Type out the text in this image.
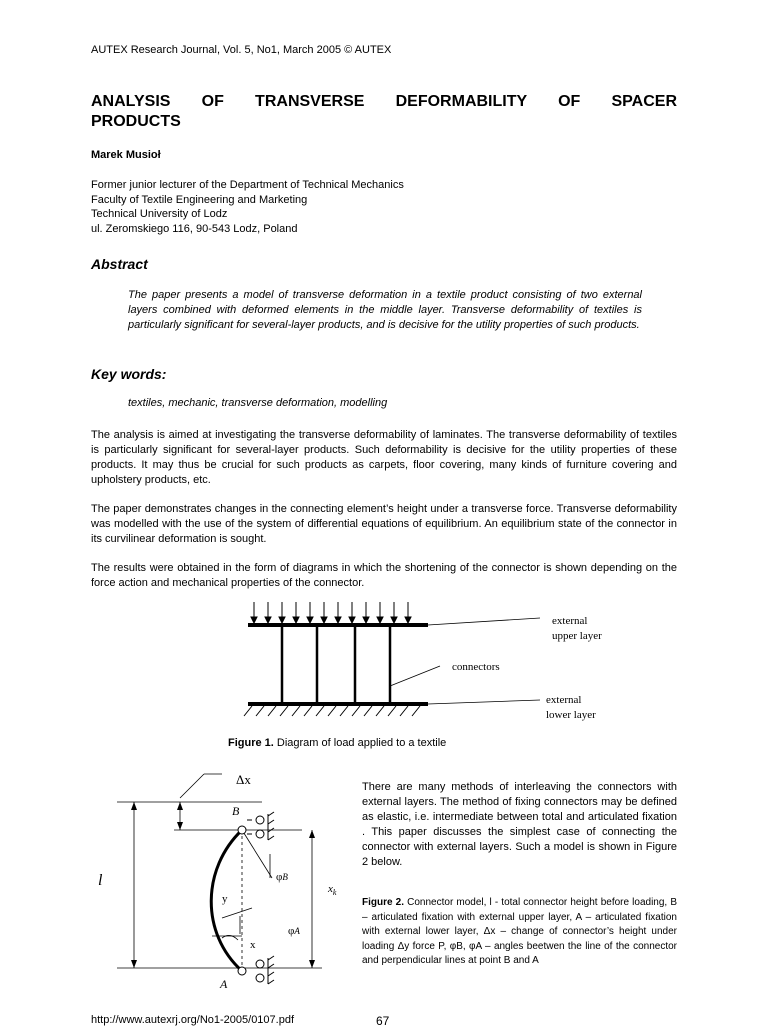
AUTEX Research Journal, Vol. 5, No1, March 2005 © AUTEX
ANALYSIS OF TRANSVERSE DEFORMABILITY OF SPACER
PRODUCTS
Marek Musioł
Former junior lecturer of the Department of Technical Mechanics
Faculty of Textile Engineering and Marketing
Technical University of Lodz
ul. Zeromskiego 116, 90-543 Lodz, Poland
Abstract
The paper presents a model of transverse deformation in a textile product consisting of two external layers combined with deformed elements in the middle layer. Transverse deformability of textiles is particularly significant for several-layer products, and is decisive for the utility properties of such products.
Key words:
textiles, mechanic, transverse deformation, modelling
The analysis is aimed at investigating the transverse deformability of laminates. The transverse deformability of textiles is particularly significant for several-layer products. Such deformability is decisive for the utility properties of these products. It may thus be crucial for such products as carpets, floor covering, many kinds of furniture covering and upholstery products, etc.
The paper demonstrates changes in the connecting element’s height under a transverse force. Transverse deformability was modelled with the use of the system of differential equations of equilibrium. An equilibrium state of the connector in its curvilinear deformation is sought.
The results were obtained in the form of diagrams in which the shortening of the connector is shown depending on the force action and mechanical properties of the connector.
external
upper layer
connectors
external
lower layer
Figure 1. Diagram of load applied to a textile
Δx
B
A
l
y
x
$x_k$
φB
φA
There are many methods of interleaving the connectors with external layers. The method of fixing connectors may be defined as elastic, i.e. intermediate between total and articulated fixation . This paper discusses the simplest case of connecting the connector with external layers. Such a model is shown in Figure 2 below.
Figure 2. Connector model, l - total connector height before loading, B – articulated fixation with external upper layer, A – articulated fixation with external lower layer, Δx – change of connector’s height under loading Δy force P, φB, φA – angles beetwen the line of the connector and perpendicular lines at point B and A
http://www.autexrj.org/No1-2005/0107.pdf	67
